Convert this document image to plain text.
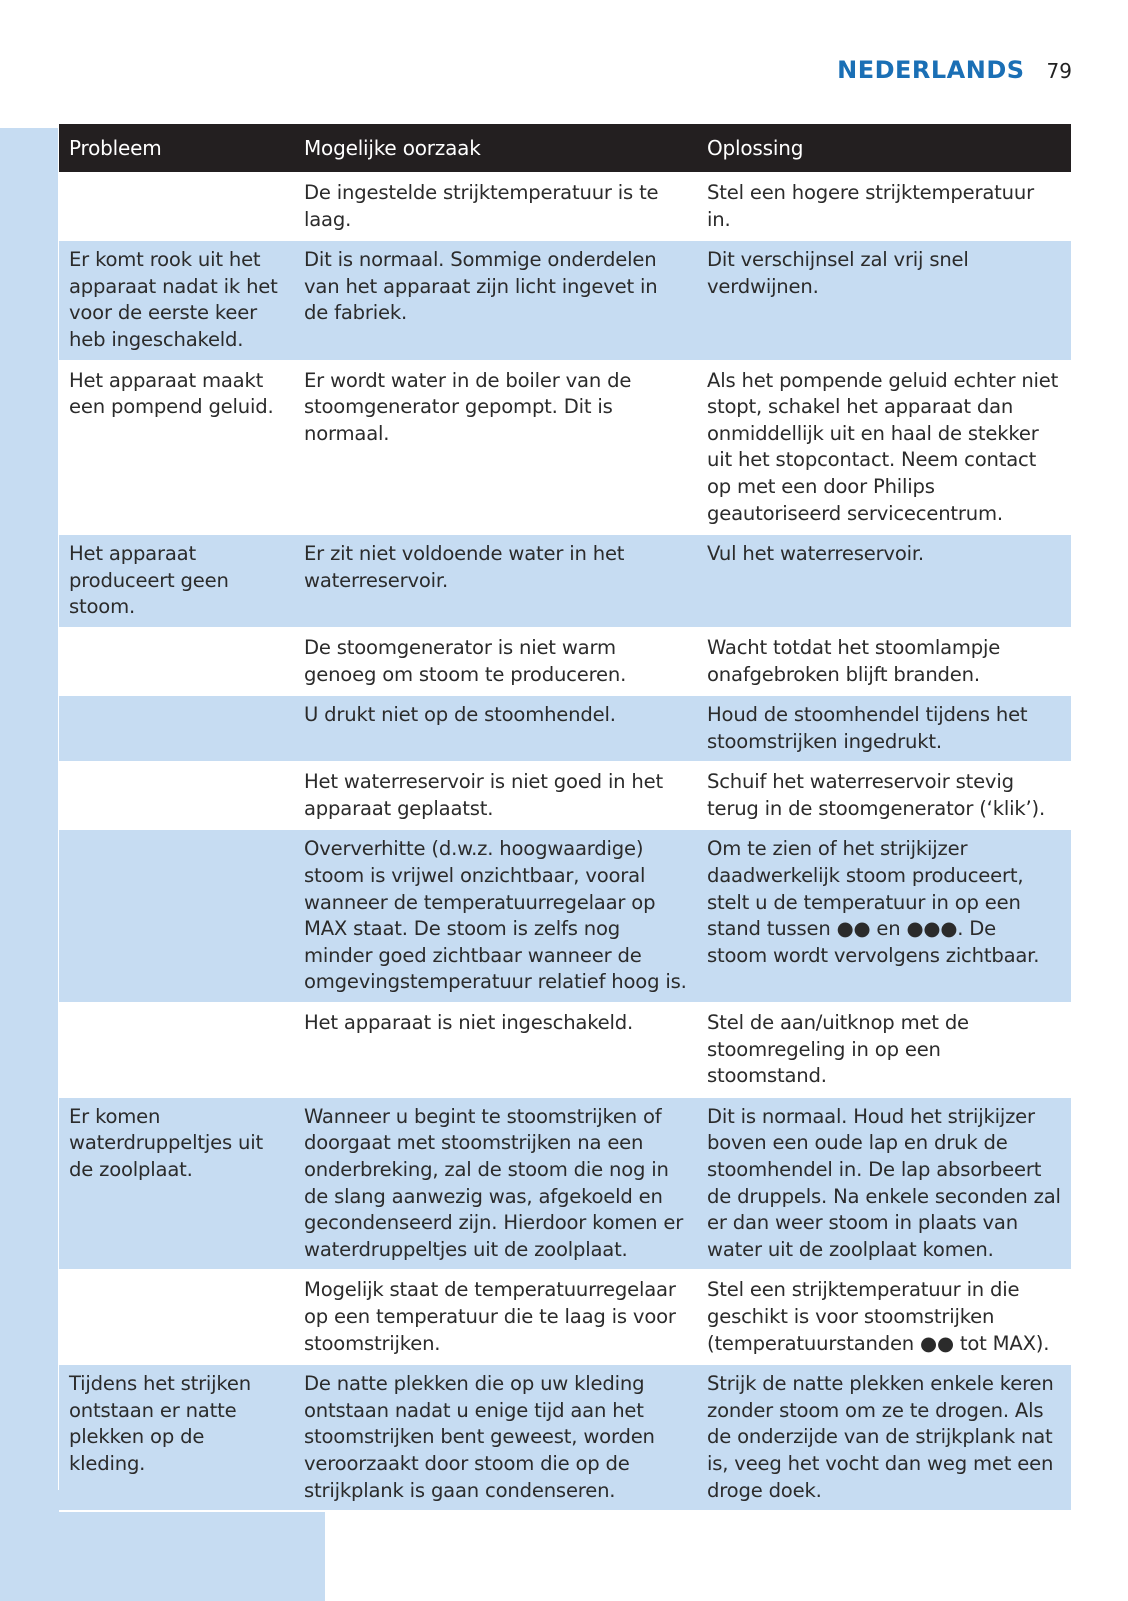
NEDERLANDS 79
Probleem	Mogelijke oorzaak	Oplossing
	De ingestelde strijktemperatuur is te laag.	Stel een hogere strijktemperatuur in.
Er komt rook uit het apparaat nadat ik het voor de eerste keer heb ingeschakeld.	Dit is normaal. Sommige onderdelen van het apparaat zijn licht ingevet in de fabriek.	Dit verschijnsel zal vrij snel verdwijnen.
Het apparaat maakt een pompend geluid.	Er wordt water in de boiler van de stoomgenerator gepompt. Dit is normaal.	Als het pompende geluid echter niet stopt, schakel het apparaat dan onmiddellijk uit en haal de stekker uit het stopcontact. Neem contact op met een door Philips geautoriseerd servicecentrum.
Het apparaat produceert geen stoom.	Er zit niet voldoende water in het waterreservoir.	Vul het waterreservoir.
	De stoomgenerator is niet warm genoeg om stoom te produceren.	Wacht totdat het stoomlampje onafgebroken blijft branden.
	U drukt niet op de stoomhendel.	Houd de stoomhendel tijdens het stoomstrijken ingedrukt.
	Het waterreservoir is niet goed in het apparaat geplaatst.	Schuif het waterreservoir stevig terug in de stoomgenerator (‘klik’).
	Oververhitte (d.w.z. hoogwaardige) stoom is vrijwel onzichtbaar, vooral wanneer de temperatuurregelaar op MAX staat. De stoom is zelfs nog minder goed zichtbaar wanneer de omgevingstemperatuur relatief hoog is.	Om te zien of het strijkijzer daadwerkelijk stoom produceert, stelt u de temperatuur in op een stand tussen ●● en ●●●. De stoom wordt vervolgens zichtbaar.
	Het apparaat is niet ingeschakeld.	Stel de aan/uitknop met de stoomregeling in op een stoomstand.
Er komen waterdruppeltjes uit de zoolplaat.	Wanneer u begint te stoomstrijken of doorgaat met stoomstrijken na een onderbreking, zal de stoom die nog in de slang aanwezig was, afgekoeld en gecondenseerd zijn. Hierdoor komen er waterdruppeltjes uit de zoolplaat.	Dit is normaal. Houd het strijkijzer boven een oude lap en druk de stoomhendel in. De lap absorbeert de druppels. Na enkele seconden zal er dan weer stoom in plaats van water uit de zoolplaat komen.
	Mogelijk staat de temperatuurregelaar op een temperatuur die te laag is voor stoomstrijken.	Stel een strijktemperatuur in die geschikt is voor stoomstrijken (temperatuurstanden ●● tot MAX).
Tijdens het strijken ontstaan er natte plekken op de kleding.	De natte plekken die op uw kleding ontstaan nadat u enige tijd aan het stoomstrijken bent geweest, worden veroorzaakt door stoom die op de strijkplank is gaan condenseren.	Strijk de natte plekken enkele keren zonder stoom om ze te drogen. Als de onderzijde van de strijkplank nat is, veeg het vocht dan weg met een droge doek.
